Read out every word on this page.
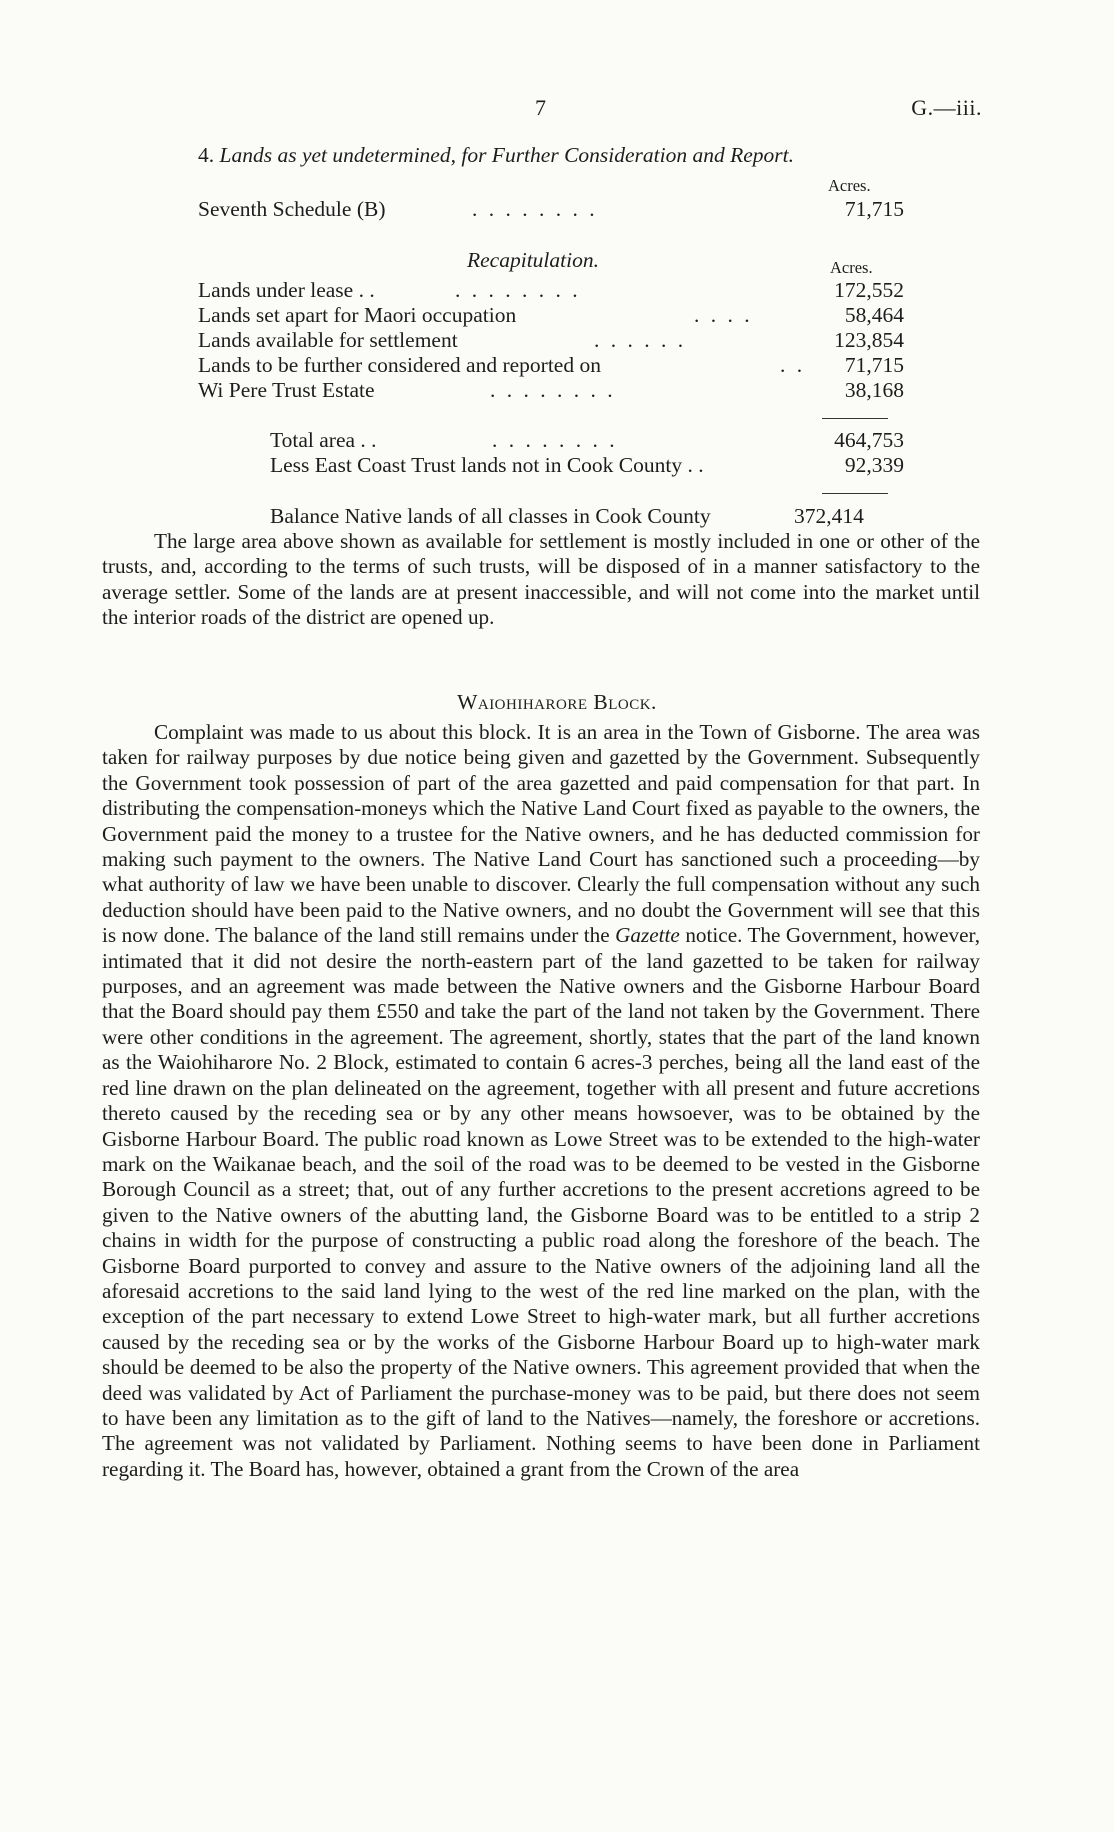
7	G.—iii.
4. Lands as yet undetermined, for Further Consideration and Report.
Acres.
Seventh Schedule (B)	. . . . . . . .	71,715
Recapitulation.	Acres.
Lands under lease . .	. . . . . . . .	172,552
Lands set apart for Maori occupation	. . . .	58,464
Lands available for settlement	. . . . . .	123,854
Lands to be further considered and reported on	. . 71,715
Wi Pere Trust Estate	. . . . . . . .	38,168
Total area . .	. . . . . . . .	464,753
Less East Coast Trust lands not in Cook County . .	92,339
Balance Native lands of all classes in Cook County	372,414

The large area above shown as available for settlement is mostly included in one or other of the trusts, and, according to the terms of such trusts, will be disposed of in a manner satisfactory to the average settler. Some of the lands are at present inaccessible, and will not come into the market until the interior roads of the district are opened up.

Waiohiharore Block.

Complaint was made to us about this block. It is an area in the Town of Gisborne. The area was taken for railway purposes by due notice being given and gazetted by the Government. Subsequently the Government took possession of part of the area gazetted and paid compensation for that part. In distributing the compensation-moneys which the Native Land Court fixed as payable to the owners, the Government paid the money to a trustee for the Native owners, and he has deducted commission for making such payment to the owners. The Native Land Court has sanctioned such a proceeding—by what authority of law we have been unable to discover. Clearly the full compensation without any such deduction should have been paid to the Native owners, and no doubt the Government will see that this is now done. The balance of the land still remains under the Gazette notice. The Government, however, intimated that it did not desire the north-eastern part of the land gazetted to be taken for railway purposes, and an agreement was made between the Native owners and the Gisborne Harbour Board that the Board should pay them £550 and take the part of the land not taken by the Government. There were other conditions in the agreement. The agreement, shortly, states that the part of the land known as the Waiohiharore No. 2 Block, estimated to contain 6 acres-3 perches, being all the land east of the red line drawn on the plan delineated on the agreement, together with all present and future accretions thereto caused by the receding sea or by any other means howsoever, was to be obtained by the Gisborne Harbour Board. The public road known as Lowe Street was to be extended to the high-water mark on the Waikanae beach, and the soil of the road was to be deemed to be vested in the Gisborne Borough Council as a street; that, out of any further accretions to the present accretions agreed to be given to the Native owners of the abutting land, the Gisborne Board was to be entitled to a strip 2 chains in width for the purpose of constructing a public road along the foreshore of the beach. The Gisborne Board purported to convey and assure to the Native owners of the adjoining land all the aforesaid accretions to the said land lying to the west of the red line marked on the plan, with the exception of the part necessary to extend Lowe Street to high-water mark, but all further accretions caused by the receding sea or by the works of the Gisborne Harbour Board up to high-water mark should be deemed to be also the property of the Native owners. This agreement provided that when the deed was validated by Act of Parliament the purchase-money was to be paid, but there does not seem to have been any limitation as to the gift of land to the Natives—namely, the foreshore or accretions. The agreement was not validated by Parliament. Nothing seems to have been done in Parliament regarding it. The Board has, however, obtained a grant from the Crown of the area
